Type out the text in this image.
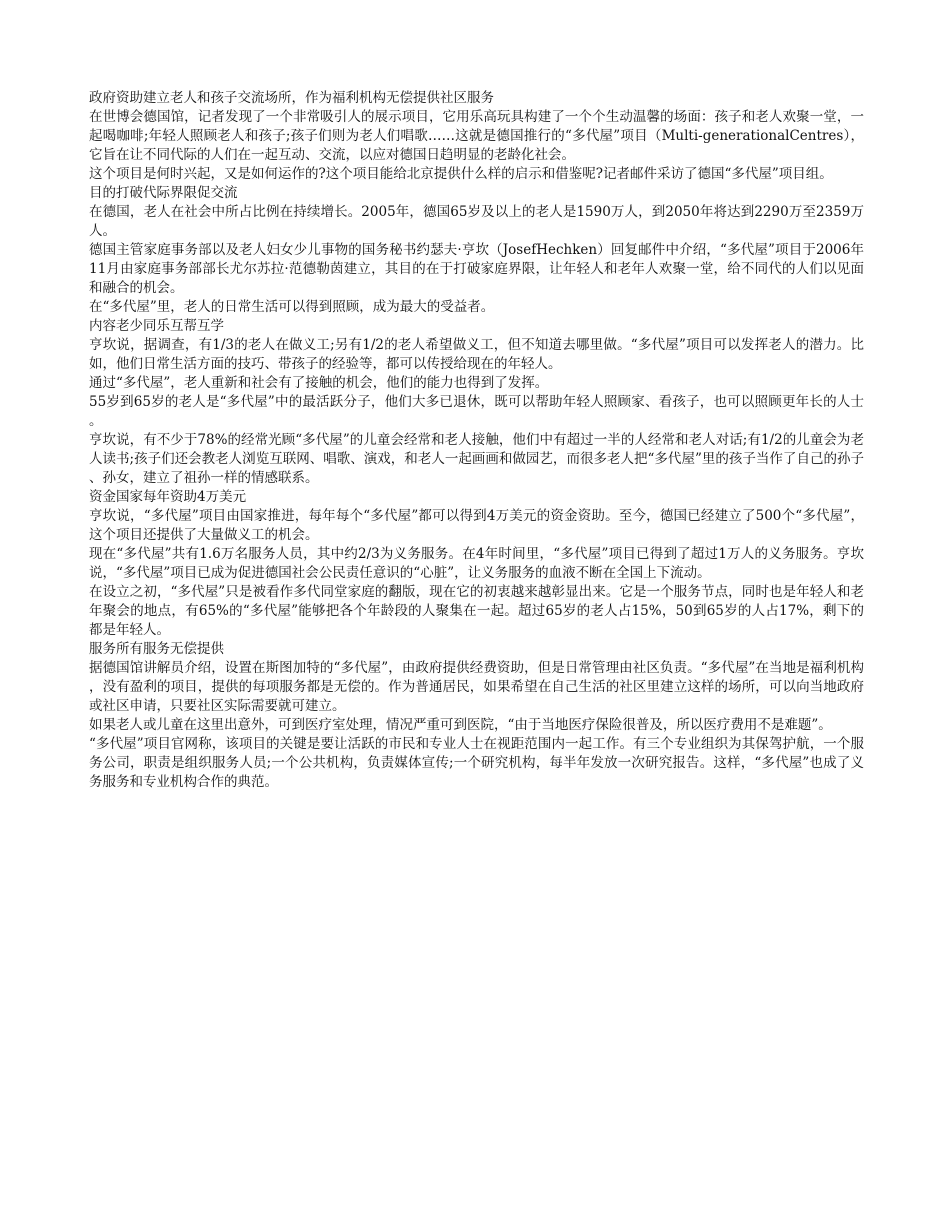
政府资助建立老人和孩子交流场所，作为福利机构无偿提供社区服务

在世博会德国馆，记者发现了一个非常吸引人的展示项目，它用乐高玩具构建了一个个生动温馨的场面：孩子和老人欢聚一堂，一起喝咖啡;年轻人照顾老人和孩子;孩子们则为老人们唱歌……这就是德国推行的“多代屋”项目（Multi-generationalCentres），它旨在让不同代际的人们在一起互动、交流，以应对德国日趋明显的老龄化社会。

这个项目是何时兴起，又是如何运作的?这个项目能给北京提供什么样的启示和借鉴呢?记者邮件采访了德国“多代屋”项目组。

目的打破代际界限促交流

在德国，老人在社会中所占比例在持续增长。2005年，德国65岁及以上的老人是1590万人，到2050年将达到2290万至2359万人。

德国主管家庭事务部以及老人妇女少儿事物的国务秘书约瑟夫·亨坎（JosefHechken）回复邮件中介绍，“多代屋”项目于2006年11月由家庭事务部部长尤尔苏拉·范德勒茵建立，其目的在于打破家庭界限，让年轻人和老年人欢聚一堂，给不同代的人们以见面和融合的机会。

在“多代屋”里，老人的日常生活可以得到照顾，成为最大的受益者。

内容老少同乐互帮互学

亨坎说，据调查，有1/3的老人在做义工;另有1/2的老人希望做义工，但不知道去哪里做。“多代屋”项目可以发挥老人的潜力。比如，他们日常生活方面的技巧、带孩子的经验等，都可以传授给现在的年轻人。

通过“多代屋”，老人重新和社会有了接触的机会，他们的能力也得到了发挥。

55岁到65岁的老人是“多代屋”中的最活跃分子，他们大多已退休，既可以帮助年轻人照顾家、看孩子，也可以照顾更年长的人士。

亨坎说，有不少于78%的经常光顾“多代屋”的儿童会经常和老人接触，他们中有超过一半的人经常和老人对话;有1/2的儿童会为老人读书;孩子们还会教老人浏览互联网、唱歌、演戏，和老人一起画画和做园艺，而很多老人把“多代屋”里的孩子当作了自己的孙子、孙女，建立了祖孙一样的情感联系。

资金国家每年资助4万美元

亨坎说，“多代屋”项目由国家推进，每年每个“多代屋”都可以得到4万美元的资金资助。至今，德国已经建立了500个“多代屋”，这个项目还提供了大量做义工的机会。

现在“多代屋”共有1.6万名服务人员，其中约2/3为义务服务。在4年时间里，“多代屋”项目已得到了超过1万人的义务服务。亨坎说，“多代屋”项目已成为促进德国社会公民责任意识的“心脏”，让义务服务的血液不断在全国上下流动。

在设立之初，“多代屋”只是被看作多代同堂家庭的翻版，现在它的初衷越来越彰显出来。它是一个服务节点，同时也是年轻人和老年聚会的地点，有65%的“多代屋”能够把各个年龄段的人聚集在一起。超过65岁的老人占15%，50到65岁的人占17%，剩下的都是年轻人。

服务所有服务无偿提供

据德国馆讲解员介绍，设置在斯图加特的“多代屋”，由政府提供经费资助，但是日常管理由社区负责。“多代屋”在当地是福利机构，没有盈利的项目，提供的每项服务都是无偿的。作为普通居民，如果希望在自己生活的社区里建立这样的场所，可以向当地政府或社区申请，只要社区实际需要就可建立。

如果老人或儿童在这里出意外，可到医疗室处理，情况严重可到医院，“由于当地医疗保险很普及，所以医疗费用不是难题”。

“多代屋”项目官网称，该项目的关键是要让活跃的市民和专业人士在视距范围内一起工作。有三个专业组织为其保驾护航，一个服务公司，职责是组织服务人员;一个公共机构，负责媒体宣传;一个研究机构，每半年发放一次研究报告。这样，“多代屋”也成了义务服务和专业机构合作的典范。
